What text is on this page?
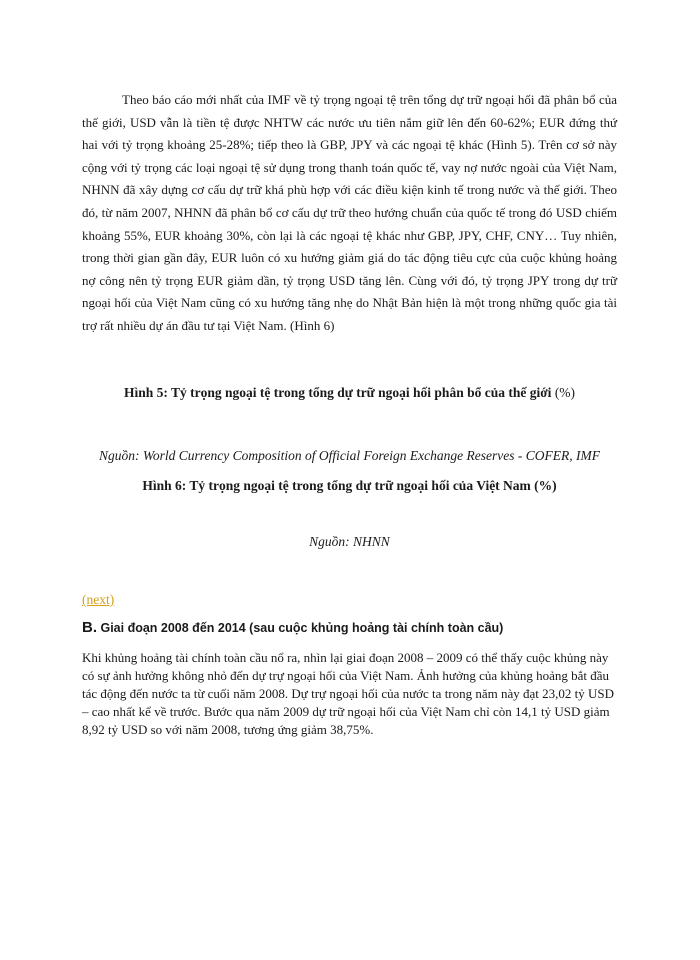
Theo báo cáo mới nhất của IMF về tỷ trọng ngoại tệ trên tổng dự trữ ngoại hối đã phân bổ của thế giới, USD vẫn là tiền tệ được NHTW các nước ưu tiên nắm giữ lên đến 60-62%; EUR đứng thứ hai với tỷ trọng khoảng 25-28%; tiếp theo là GBP, JPY và các ngoại tệ khác (Hình 5). Trên cơ sở này cộng với tỷ trọng các loại ngoại tệ sử dụng trong thanh toán quốc tế, vay nợ nước ngoài của Việt Nam, NHNN đã xây dựng cơ cấu dự trữ khá phù hợp với các điều kiện kinh tế trong nước và thế giới. Theo đó, từ năm 2007, NHNN đã phân bổ cơ cấu dự trữ theo hướng chuẩn của quốc tế trong đó USD chiếm khoảng 55%, EUR khoảng 30%, còn lại là các ngoại tệ khác như GBP, JPY, CHF, CNY… Tuy nhiên, trong thời gian gần đây, EUR luôn có xu hướng giảm giá do tác động tiêu cực của cuộc khủng hoảng nợ công nên tỷ trọng EUR giảm dần, tỷ trọng USD tăng lên. Cùng với đó, tỷ trọng JPY trong dự trữ ngoại hối của Việt Nam cũng có xu hướng tăng nhẹ do Nhật Bản hiện là một trong những quốc gia tài trợ rất nhiều dự án đầu tư tại Việt Nam. (Hình 6)

Hình 5: Tỷ trọng ngoại tệ trong tổng dự trữ ngoại hối phân bổ của thế giới (%)

Nguồn: World Currency Composition of Official Foreign Exchange Reserves - COFER, IMF

Hình 6: Tỷ trọng ngoại tệ trong tổng dự trữ ngoại hối của Việt Nam (%)

Nguồn: NHNN

(next)

B. Giai đoạn 2008 đến 2014 (sau cuộc khủng hoảng tài chính toàn cầu)

Khi khủng hoảng tài chính toàn cầu nổ ra, nhìn lại giai đoạn 2008 – 2009 có thể thấy cuộc khủng này có sự ảnh hưởng không nhỏ đến dự trự ngoại hối của Việt Nam. Ảnh hưởng của khủng hoảng bắt đầu tác động đến nước ta từ cuối năm 2008. Dự trự ngoại hối của nước ta trong năm này đạt 23,02 tỷ USD – cao nhất kể về trước. Bước qua năm 2009 dự trữ ngoại hối của Việt Nam chỉ còn 14,1 tỷ USD giảm 8,92 tỷ USD so với năm 2008, tương ứng giảm 38,75%.
